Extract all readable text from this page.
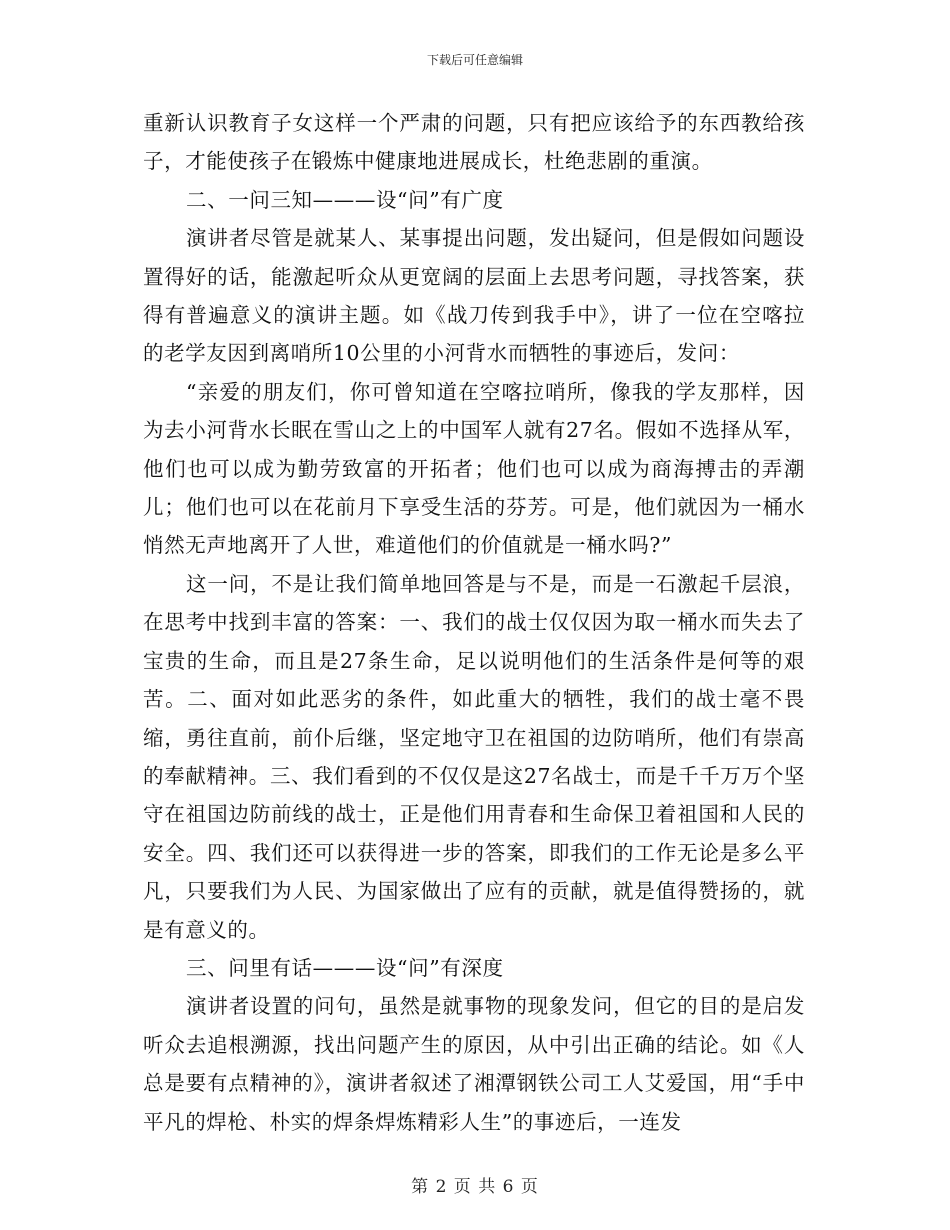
下载后可任意编辑

重新认识教育子女这样一个严肃的问题，只有把应该给予的东西教给孩子，才能使孩子在锻炼中健康地进展成长，杜绝悲剧的重演。

二、一问三知———设“问”有广度

演讲者尽管是就某人、某事提出问题，发出疑问，但是假如问题设置得好的话，能激起听众从更宽阔的层面上去思考问题，寻找答案，获得有普遍意义的演讲主题。如《战刀传到我手中》，讲了一位在空喀拉的老学友因到离哨所10公里的小河背水而牺牲的事迹后，发问：

“亲爱的朋友们，你可曾知道在空喀拉哨所，像我的学友那样，因为去小河背水长眠在雪山之上的中国军人就有27名。假如不选择从军，他们也可以成为勤劳致富的开拓者；他们也可以成为商海搏击的弄潮儿；他们也可以在花前月下享受生活的芬芳。可是，他们就因为一桶水悄然无声地离开了人世，难道他们的价值就是一桶水吗?”

这一问，不是让我们简单地回答是与不是，而是一石激起千层浪，在思考中找到丰富的答案：一、我们的战士仅仅因为取一桶水而失去了宝贵的生命，而且是27条生命，足以说明他们的生活条件是何等的艰苦。二、面对如此恶劣的条件，如此重大的牺牲，我们的战士毫不畏缩，勇往直前，前仆后继，坚定地守卫在祖国的边防哨所，他们有崇高的奉献精神。三、我们看到的不仅仅是这27名战士，而是千千万万个坚守在祖国边防前线的战士，正是他们用青春和生命保卫着祖国和人民的安全。四、我们还可以获得进一步的答案，即我们的工作无论是多么平凡，只要我们为人民、为国家做出了应有的贡献，就是值得赞扬的，就是有意义的。

三、问里有话———设“问”有深度

演讲者设置的问句，虽然是就事物的现象发问，但它的目的是启发听众去追根溯源，找出问题产生的原因，从中引出正确的结论。如《人总是要有点精神的》，演讲者叙述了湘潭钢铁公司工人艾爱国，用“手中平凡的焊枪、朴实的焊条焊炼精彩人生”的事迹后，一连发

第 2 页 共 6 页
